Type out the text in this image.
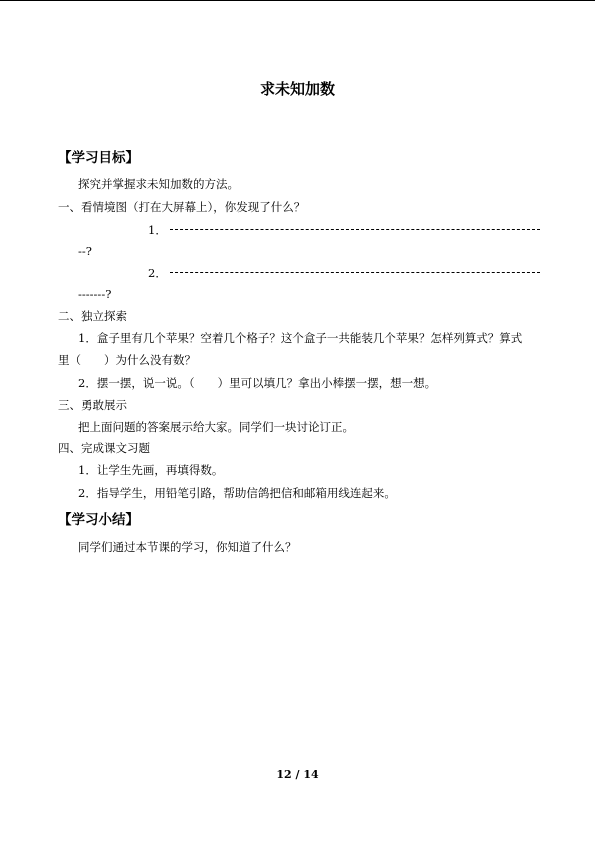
求未知加数
【学习目标】
探究并掌握求未知加数的方法。
一、看情境图（打在大屏幕上），你发现了什么？
1．
--?
2．
-------?
二、独立探索
1．盒子里有几个苹果？空着几个格子？这个盒子一共能装几个苹果？怎样列算式？算式
里（　　）为什么没有数？
2．摆一摆，说一说。（　　）里可以填几？拿出小棒摆一摆，想一想。
三、勇敢展示
把上面问题的答案展示给大家。同学们一块讨论订正。
四、完成课文习题
1．让学生先画，再填得数。
2．指导学生，用铅笔引路，帮助信鸽把信和邮箱用线连起来。
【学习小结】
同学们通过本节课的学习，你知道了什么？
12 / 14
